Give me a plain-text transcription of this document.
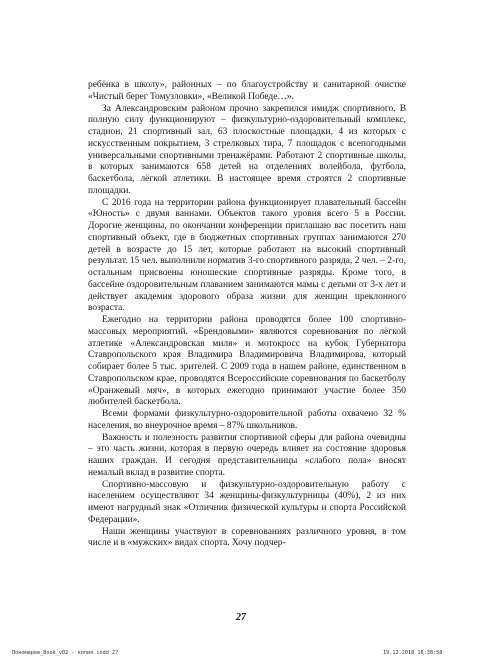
ребёнка в школу», районных – по благоустройству и санитарной очистке «Чистый берег Томузловки», «Великой Победе…».

За Александровским районом прочно закрепился имидж спортивного. В полную силу функционируют – физкультурно-оздоровительный комплекс, стадион, 21 спортивный зал, 63 плоскостные площадки, 4 из которых с искусственным покрытием, 3 стрелковых тира, 7 площадок с всепогодными универсальными спортивными тренажёрами. Работают 2 спортивные школы, в которых занимаются 658 детей на отделениях волейбола, футбола, баскетбола, лёгкой атлетики. В настоящее время строятся 2 спортивные площадки.

С 2016 года на территории района функционирует плавательный бассейн «Юность» с двумя ваннами. Объектов такого уровня всего 5 в России. Дорогие женщины, по окончании конференции приглашаю вас посетить наш спортивный объект, где в бюджетных спортивных группах занимаются 270 детей в возрасте до 15 лет, которые работают на высокий спортивный результат. 15 чел. выполнили норматив 3-го спортивного разряда, 2 чел. – 2-го, остальным присвоены юношеские спортивные разряды. Кроме того, в бассейне оздоровительным плаванием занимаются мамы с детьми от 3-х лет и действует академия здорового образа жизни для женщин преклонного возраста.

Ежегодно на территории района проводятся более 100 спортивно-массовых мероприятий. «Брендовыми» являются соревнования по лёгкой атлетике «Александровская миля» и мотокросс на кубок Губернатора Ставропольского края Владимира Владимировича Владимирова, который собирает более 5 тыс. зрителей. С 2009 года в нашем районе, единственном в Ставропольском крае, проводятся Всероссийские соревнования по баскетболу «Оранжевый мяч», в которых ежегодно принимают участие более 350 любителей баскетбола.

Всеми формами физкультурно-оздоровительной работы охвачено 32 % населения, во внеурочное время – 87% школьников.

Важность и полезность развития спортивной сферы для района очевидны – это часть жизни, которая в первую очередь влияет на состояние здоровья наших граждан. И сегодня представительницы «слабого пола» вносят немалый вклад в развитие спорта.

Спортивно-массовую и физкультурно-оздоровительную работу с населением осуществляют 34 женщины-физкультурницы (40%), 2 из них имеют нагрудный знак «Отличник физической культуры и спорта Российской Федерации».

Наши женщины участвуют в соревнованиях различного уровня, в том числе и в «мужских» видах спорта. Хочу подчер-

27
Пономарев_Book_v02 - копия.indd 27	19.12.2018 16:38:58
